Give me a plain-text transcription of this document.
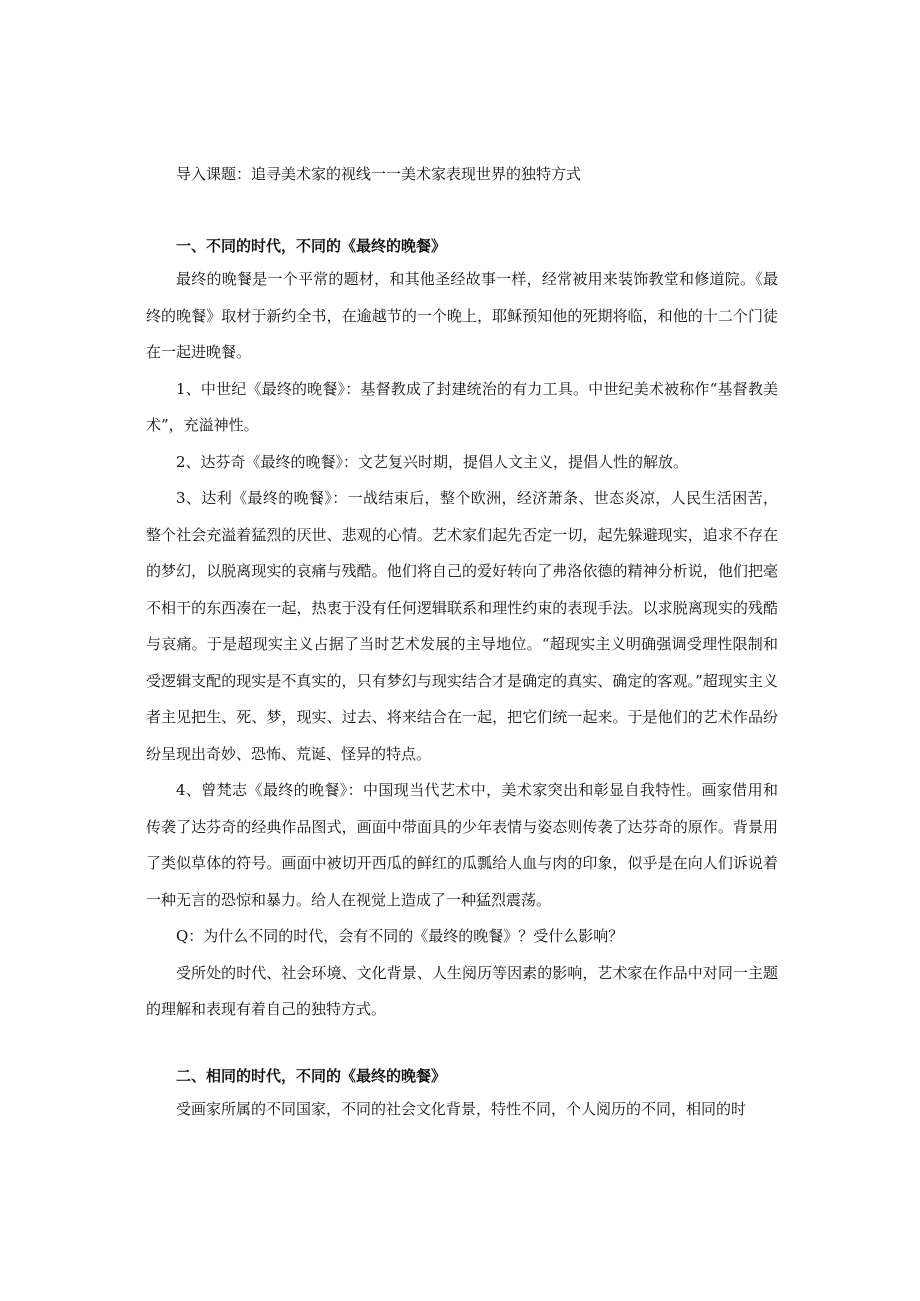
导入课题：追寻美术家的视线一一美术家表现世界的独特方式

一、不同的时代，不同的《最终的晚餐》

最终的晚餐是一个平常的题材，和其他圣经故事一样，经常被用来装饰教堂和修道院。《最终的晚餐》取材于新约全书，在逾越节的一个晚上，耶稣预知他的死期将临，和他的十二个门徒在一起进晚餐。

1、中世纪《最终的晚餐》：基督教成了封建统治的有力工具。中世纪美术被称作“基督教美术”，充溢神性。

2、达芬奇《最终的晚餐》：文艺复兴时期，提倡人文主义，提倡人性的解放。

3、达利《最终的晚餐》：一战结束后，整个欧洲，经济萧条、世态炎凉，人民生活困苦，整个社会充溢着猛烈的厌世、悲观的心情。艺术家们起先否定一切，起先躲避现实，追求不存在的梦幻，以脱离现实的哀痛与残酷。他们将自己的爱好转向了弗洛依德的精神分析说，他们把毫不相干的东西凑在一起，热衷于没有任何逻辑联系和理性约束的表现手法。以求脱离现实的残酷与哀痛。于是超现实主义占据了当时艺术发展的主导地位。“超现实主义明确强调受理性限制和受逻辑支配的现实是不真实的，只有梦幻与现实结合才是确定的真实、确定的客观。”超现实主义者主见把生、死、梦，现实、过去、将来结合在一起，把它们统一起来。于是他们的艺术作品纷纷呈现出奇妙、恐怖、荒诞、怪异的特点。

4、曾梵志《最终的晚餐》：中国现当代艺术中，美术家突出和彰显自我特性。画家借用和传袭了达芬奇的经典作品图式，画面中带面具的少年表情与姿态则传袭了达芬奇的原作。背景用了类似草体的符号。画面中被切开西瓜的鲜红的瓜瓢给人血与肉的印象，似乎是在向人们诉说着一种无言的恐惊和暴力。给人在视觉上造成了一种猛烈震荡。

Q：为什么不同的时代，会有不同的《最终的晚餐》？受什么影响？

受所处的时代、社会环境、文化背景、人生阅历等因素的影响，艺术家在作品中对同一主题的理解和表现有着自己的独特方式。

二、相同的时代，不同的《最终的晚餐》

受画家所属的不同国家，不同的社会文化背景，特性不同，个人阅历的不同，相同的时
